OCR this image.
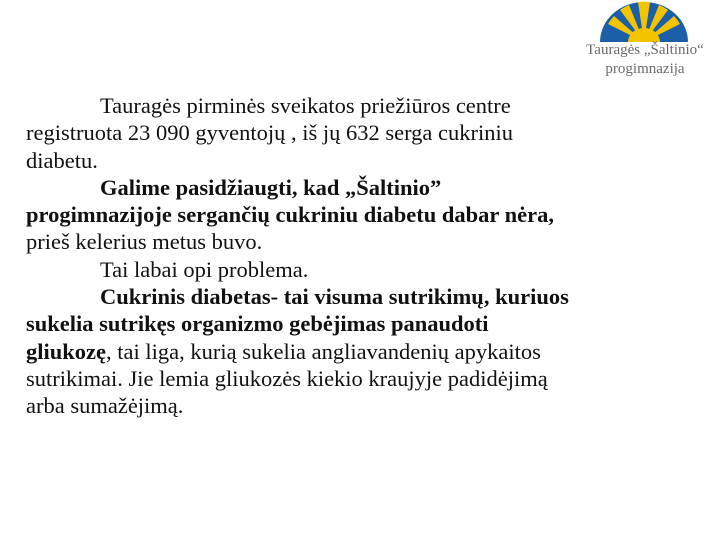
Tauragės „Šaltinio“
progimnazija
Tauragės pirminės sveikatos priežiūros centre
registruota 23 090 gyventojų , iš jų 632 serga cukriniu
diabetu.
Galime pasidžiaugti, kad „Šaltinio”
progimnazijoje sergančių cukriniu diabetu dabar nėra,
prieš kelerius metus buvo.
Tai labai opi problema.
Cukrinis diabetas- tai visuma sutrikimų, kuriuos
sukelia sutrikęs organizmo gebėjimas panaudoti
gliukozę, tai liga, kurią sukelia angliavandenių apykaitos
sutrikimai. Jie lemia gliukozės kiekio kraujyje padidėjimą
arba sumažėjimą.
